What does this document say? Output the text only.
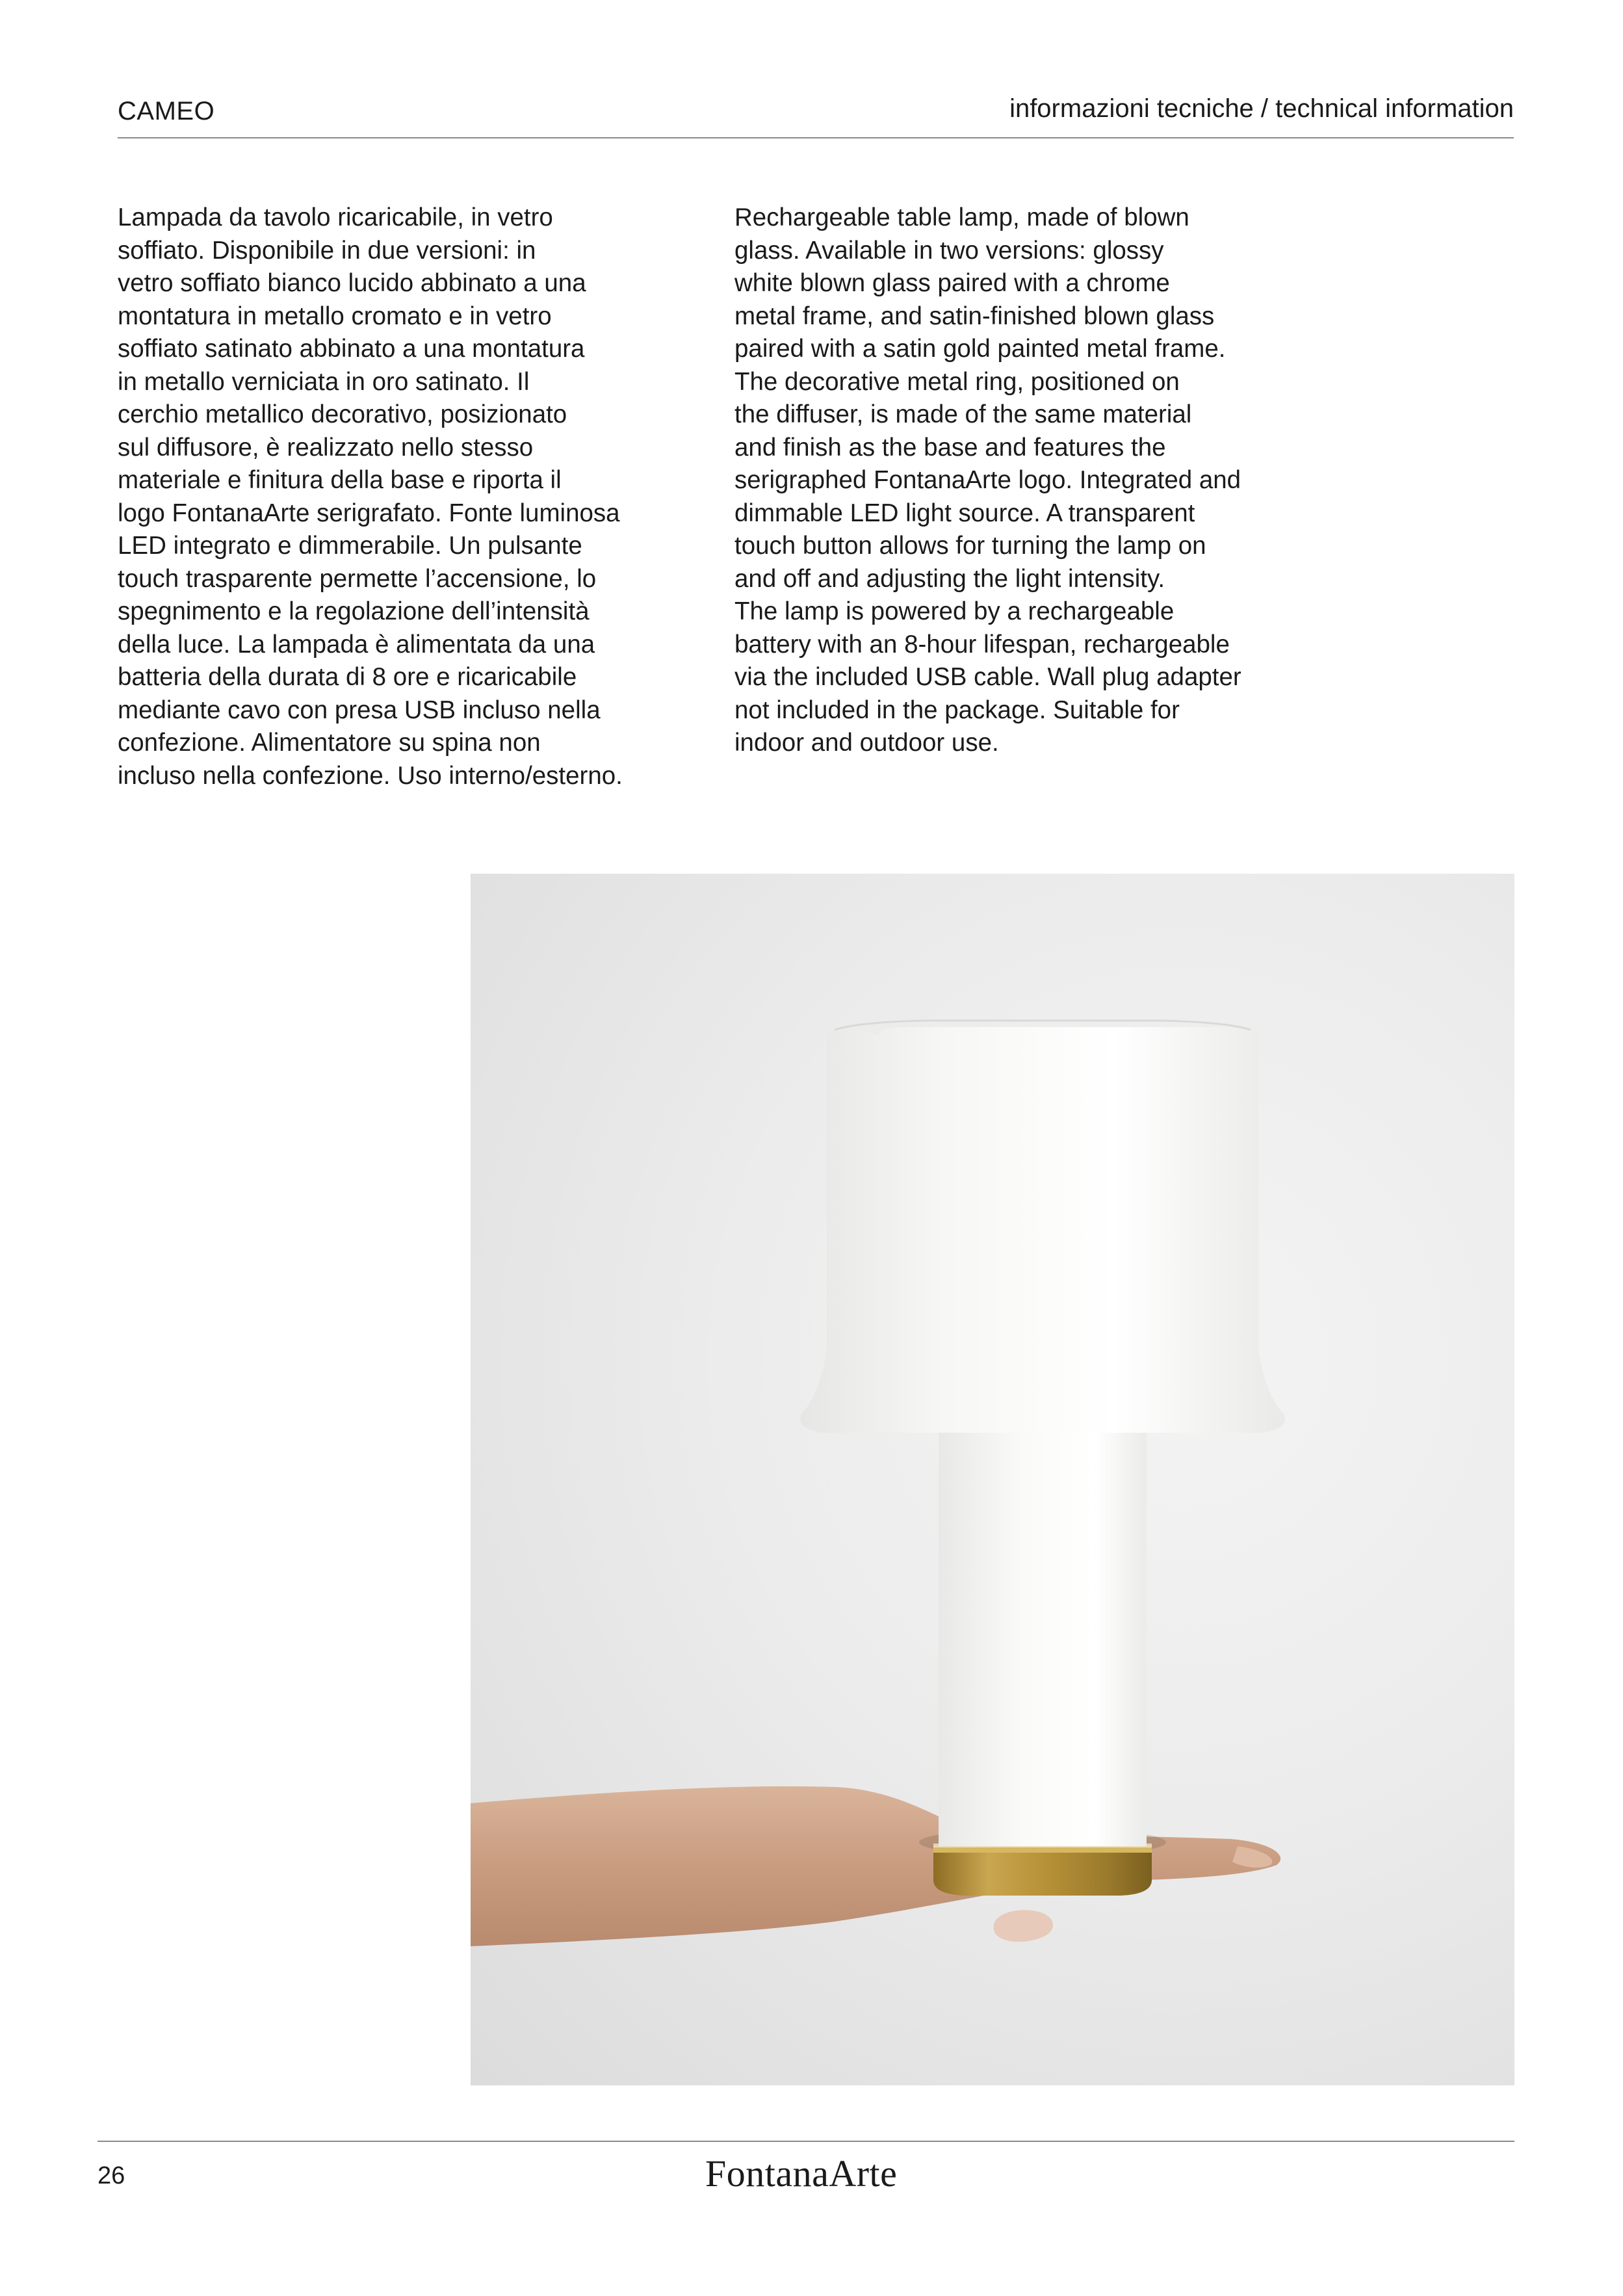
CAMEO	informazioni tecniche / technical information
Lampada da tavolo ricaricabile, in vetro
soffiato. Disponibile in due versioni: in
vetro soffiato bianco lucido abbinato a una
montatura in metallo cromato e in vetro
soffiato satinato abbinato a una montatura
in metallo verniciata in oro satinato. Il
cerchio metallico decorativo, posizionato
sul diffusore, è realizzato nello stesso
materiale e finitura della base e riporta il
logo FontanaArte serigrafato. Fonte luminosa
LED integrato e dimmerabile. Un pulsante
touch trasparente permette l’accensione, lo
spegnimento e la regolazione dell’intensità
della luce. La lampada è alimentata da una
batteria della durata di 8 ore e ricaricabile
mediante cavo con presa USB incluso nella
confezione. Alimentatore su spina non
incluso nella confezione. Uso interno/esterno.
Rechargeable table lamp, made of blown
glass. Available in two versions: glossy
white blown glass paired with a chrome
metal frame, and satin-finished blown glass
paired with a satin gold painted metal frame.
The decorative metal ring, positioned on
the diffuser, is made of the same material
and finish as the base and features the
serigraphed FontanaArte logo. Integrated and
dimmable LED light source. A transparent
touch button allows for turning the lamp on
and off and adjusting the light intensity.
The lamp is powered by a rechargeable
battery with an 8-hour lifespan, rechargeable
via the included USB cable. Wall plug adapter
not included in the package. Suitable for
indoor and outdoor use.
26	FontanaArte
